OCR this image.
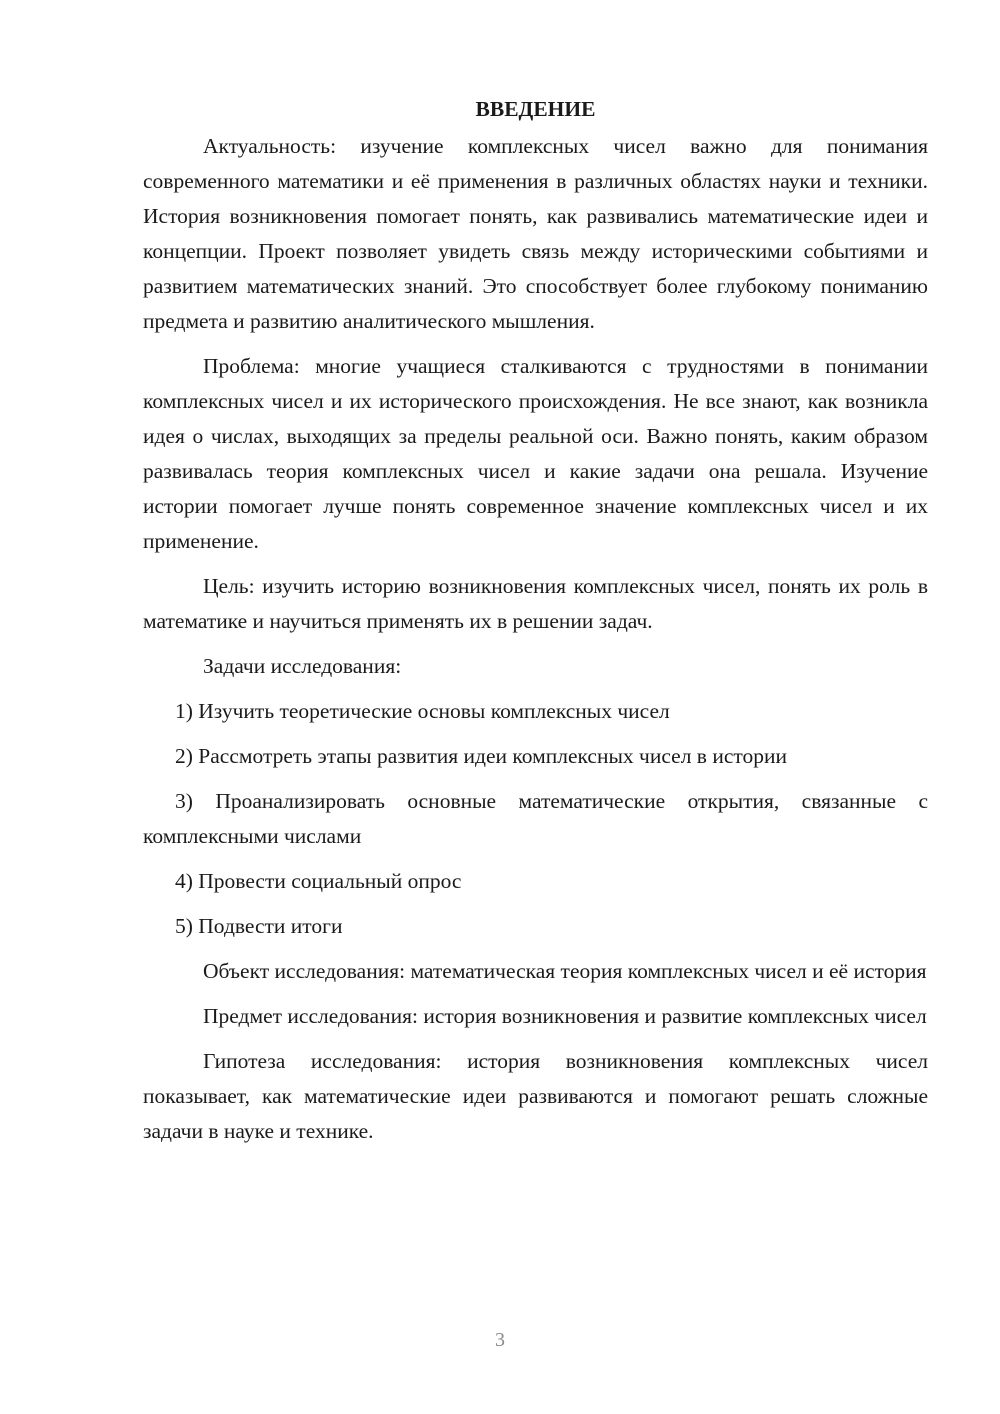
ВВЕДЕНИЕ

Актуальность: изучение комплексных чисел важно для понимания современного математики и её применения в различных областях науки и техники. История возникновения помогает понять, как развивались математические идеи и концепции. Проект позволяет увидеть связь между историческими событиями и развитием математических знаний. Это способствует более глубокому пониманию предмета и развитию аналитического мышления.

Проблема: многие учащиеся сталкиваются с трудностями в понимании комплексных чисел и их исторического происхождения. Не все знают, как возникла идея о числах, выходящих за пределы реальной оси. Важно понять, каким образом развивалась теория комплексных чисел и какие задачи она решала. Изучение истории помогает лучше понять современное значение комплексных чисел и их применение.

Цель: изучить историю возникновения комплексных чисел, понять их роль в математике и научиться применять их в решении задач.

Задачи исследования:

1) Изучить теоретические основы комплексных чисел

2) Рассмотреть этапы развития идеи комплексных чисел в истории

3) Проанализировать основные математические открытия, связанные с комплексными числами

4) Провести социальный опрос

5) Подвести итоги

Объект исследования: математическая теория комплексных чисел и её история

Предмет исследования: история возникновения и развитие комплексных чисел

Гипотеза исследования: история возникновения комплексных чисел показывает, как математические идеи развиваются и помогают решать сложные задачи в науке и технике.

3
